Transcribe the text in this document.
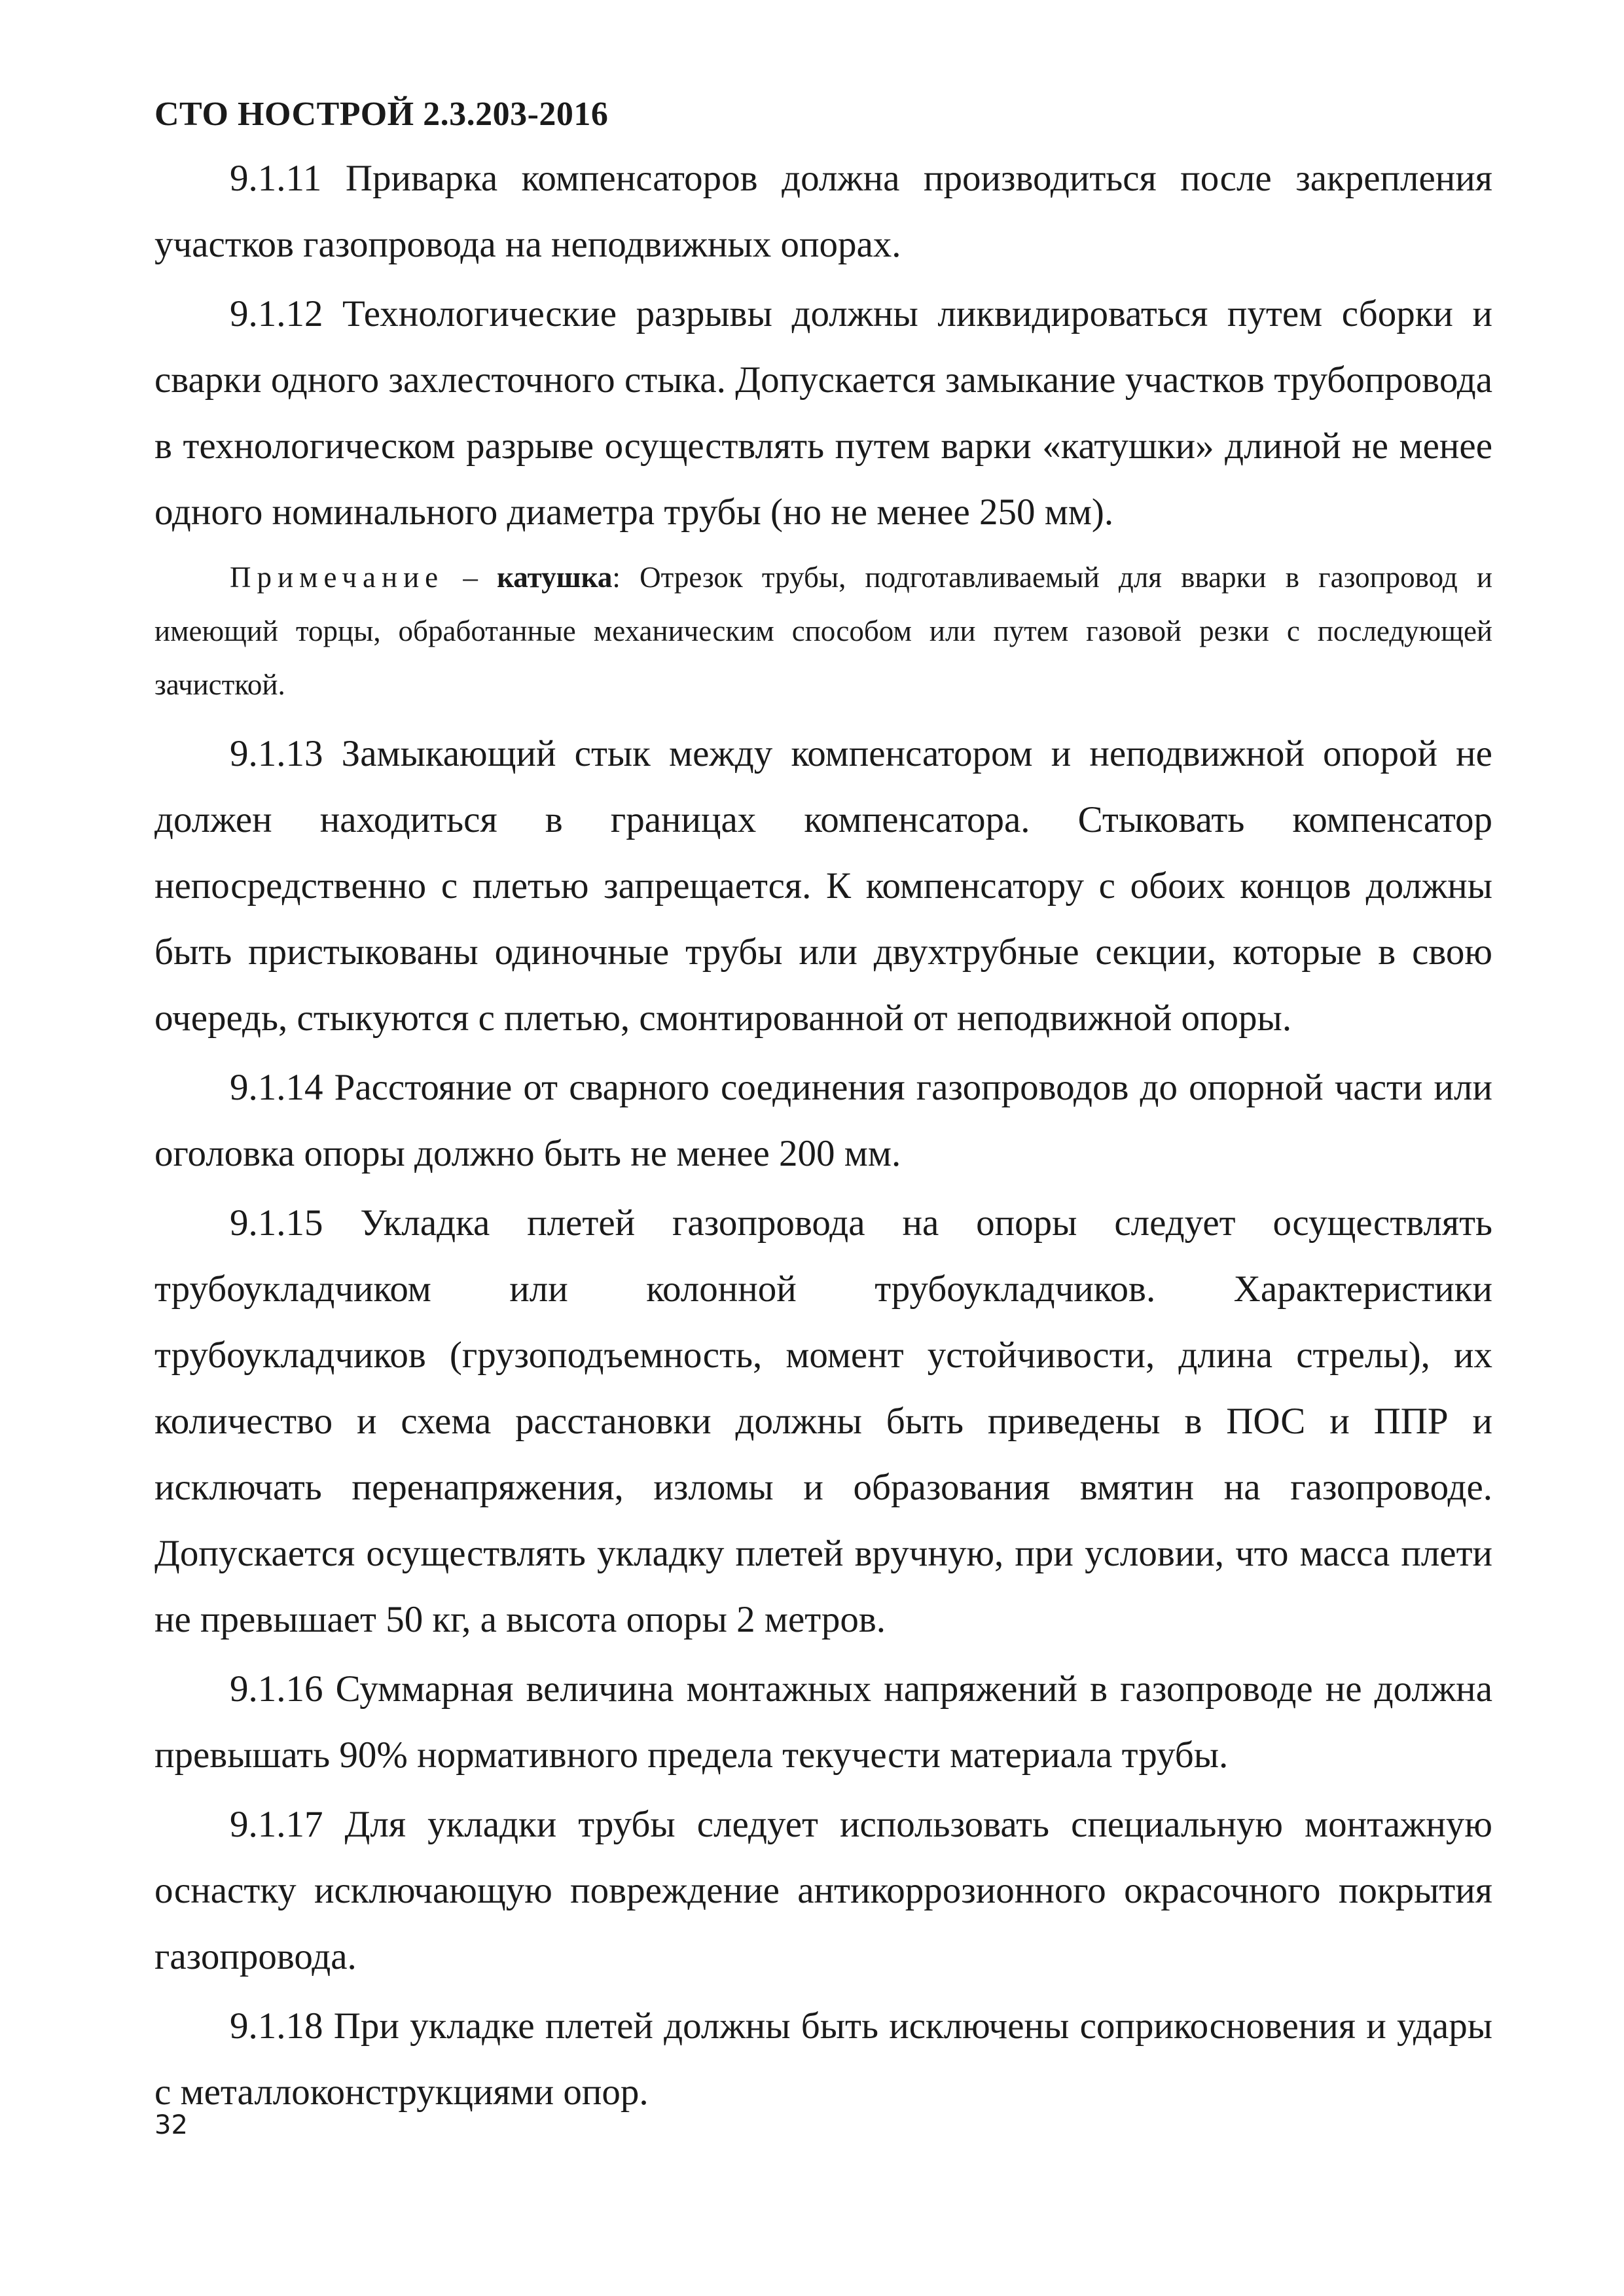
СТО НОСТРОЙ 2.3.203-2016

9.1.11 Приварка компенсаторов должна производиться после закрепления участков газопровода на неподвижных опорах.

9.1.12 Технологические разрывы должны ликвидироваться путем сборки и сварки одного захлесточного стыка. Допускается замыкание участков трубопровода в технологическом разрыве осуществлять путем варки «катушки» длиной не менее одного номинального диаметра трубы (но не менее 250 мм).

Примечание – катушка: Отрезок трубы, подготавливаемый для вварки в газопровод и имеющий торцы, обработанные механическим способом или путем газовой резки с последующей зачисткой.

9.1.13 Замыкающий стык между компенсатором и неподвижной опорой не должен находиться в границах компенсатора. Стыковать компенсатор непосредственно с плетью запрещается. К компенсатору с обоих концов должны быть пристыкованы одиночные трубы или двухтрубные секции, которые в свою очередь, стыкуются с плетью, смонтированной от неподвижной опоры.

9.1.14 Расстояние от сварного соединения газопроводов до опорной части или оголовка опоры должно быть не менее 200 мм.

9.1.15 Укладка плетей газопровода на опоры следует осуществлять трубоукладчиком или колонной трубоукладчиков. Характеристики трубоукладчиков (грузоподъемность, момент устойчивости, длина стрелы), их количество и схема расстановки должны быть приведены в ПОС и ППР и исключать перенапряжения, изломы и образования вмятин на газопроводе. Допускается осуществлять укладку плетей вручную, при условии, что масса плети не превышает 50 кг, а высота опоры 2 метров.

9.1.16 Суммарная величина монтажных напряжений в газопроводе не должна превышать 90% нормативного предела текучести материала трубы.

9.1.17 Для укладки трубы следует использовать специальную монтажную оснастку исключающую повреждение антикоррозионного окрасочного покрытия газопровода.

9.1.18 При укладке плетей должны быть исключены соприкосновения и удары с металлоконструкциями опор.

32
